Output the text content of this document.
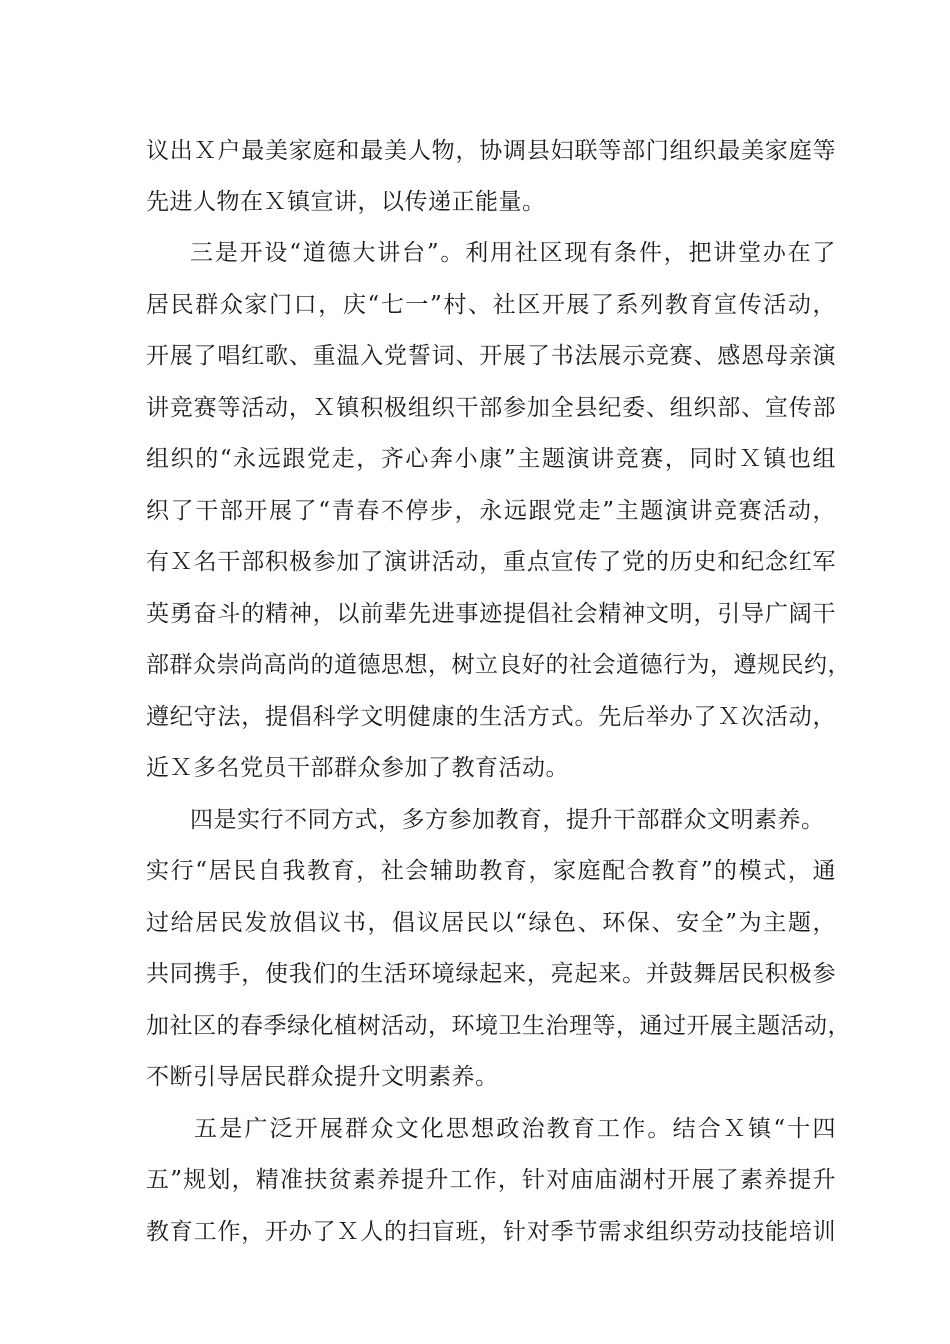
议出Ｘ户最美家庭和最美人物，协调县妇联等部门组织最美家庭等
先进人物在Ｘ镇宣讲，以传递正能量。
三是开设“道德大讲台”。利用社区现有条件，把讲堂办在了
居民群众家门口，庆“七一”村、社区开展了系列教育宣传活动，
开展了唱红歌、重温入党誓词、开展了书法展示竞赛、感恩母亲演
讲竞赛等活动，Ｘ镇积极组织干部参加全县纪委、组织部、宣传部
组织的“永远跟党走，齐心奔小康”主题演讲竞赛，同时Ｘ镇也组
织了干部开展了“青春不停步，永远跟党走”主题演讲竞赛活动，
有Ｘ名干部积极参加了演讲活动，重点宣传了党的历史和纪念红军
英勇奋斗的精神，以前辈先进事迹提倡社会精神文明，引导广阔干
部群众崇尚高尚的道德思想，树立良好的社会道德行为，遵规民约，
遵纪守法，提倡科学文明健康的生活方式。先后举办了Ｘ次活动，
近Ｘ多名党员干部群众参加了教育活动。
四是实行不同方式，多方参加教育，提升干部群众文明素养。
实行“居民自我教育，社会辅助教育，家庭配合教育”的模式，通
过给居民发放倡议书，倡议居民以“绿色、环保、安全”为主题，
共同携手，使我们的生活环境绿起来，亮起来。并鼓舞居民积极参
加社区的春季绿化植树活动，环境卫生治理等，通过开展主题活动，
不断引导居民群众提升文明素养。
五是广泛开展群众文化思想政治教育工作。结合Ｘ镇“十四
五”规划，精准扶贫素养提升工作，针对庙庙湖村开展了素养提升
教育工作，开办了Ｘ人的扫盲班，针对季节需求组织劳动技能培训
